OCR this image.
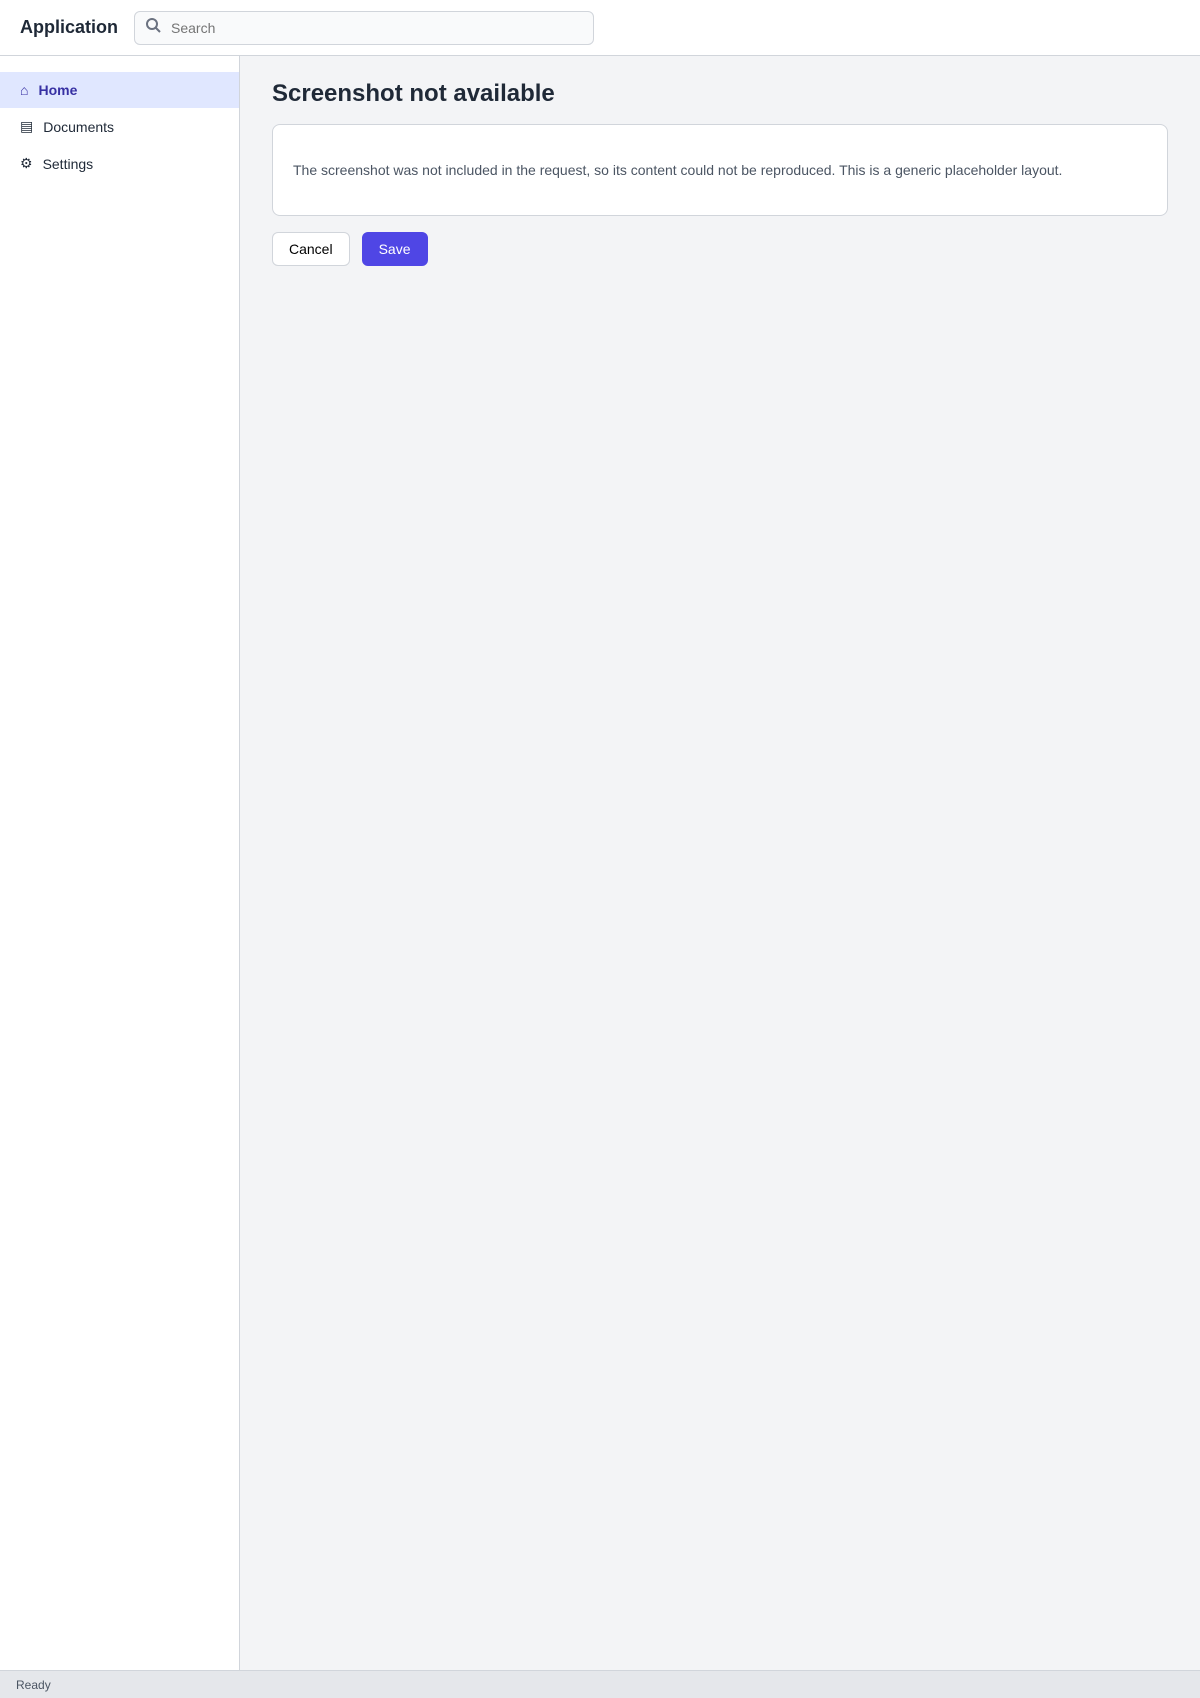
Application
Search
⌂ Home
▤ Documents
⚙ Settings
Screenshot not available

The screenshot was not included in the request, so its content could not be reproduced. This is a generic placeholder layout.

Cancel	Save
Ready
